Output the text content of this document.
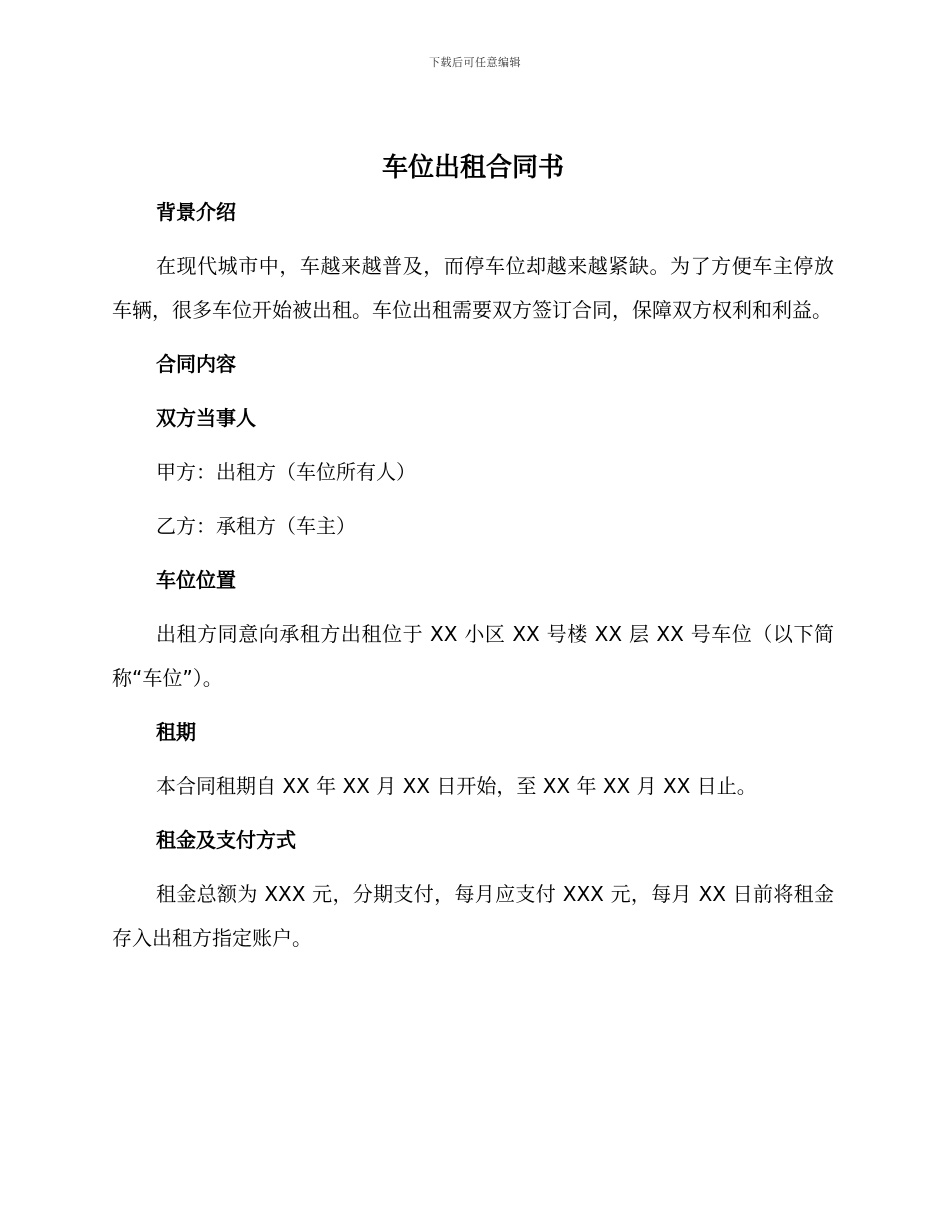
下载后可任意编辑
车位出租合同书

背景介绍

在现代城市中，车越来越普及，而停车位却越来越紧缺。为了方便车主停放车辆，很多车位开始被出租。车位出租需要双方签订合同，保障双方权利和利益。

合同内容

双方当事人

甲方：出租方（车位所有人）

乙方：承租方（车主）

车位位置

出租方同意向承租方出租位于 XX 小区 XX 号楼 XX 层 XX 号车位（以下简称“车位”）。

租期

本合同租期自 XX 年 XX 月 XX 日开始，至 XX 年 XX 月 XX 日止。

租金及支付方式

租金总额为 XXX 元，分期支付，每月应支付 XXX 元，每月 XX 日前将租金存入出租方指定账户。
